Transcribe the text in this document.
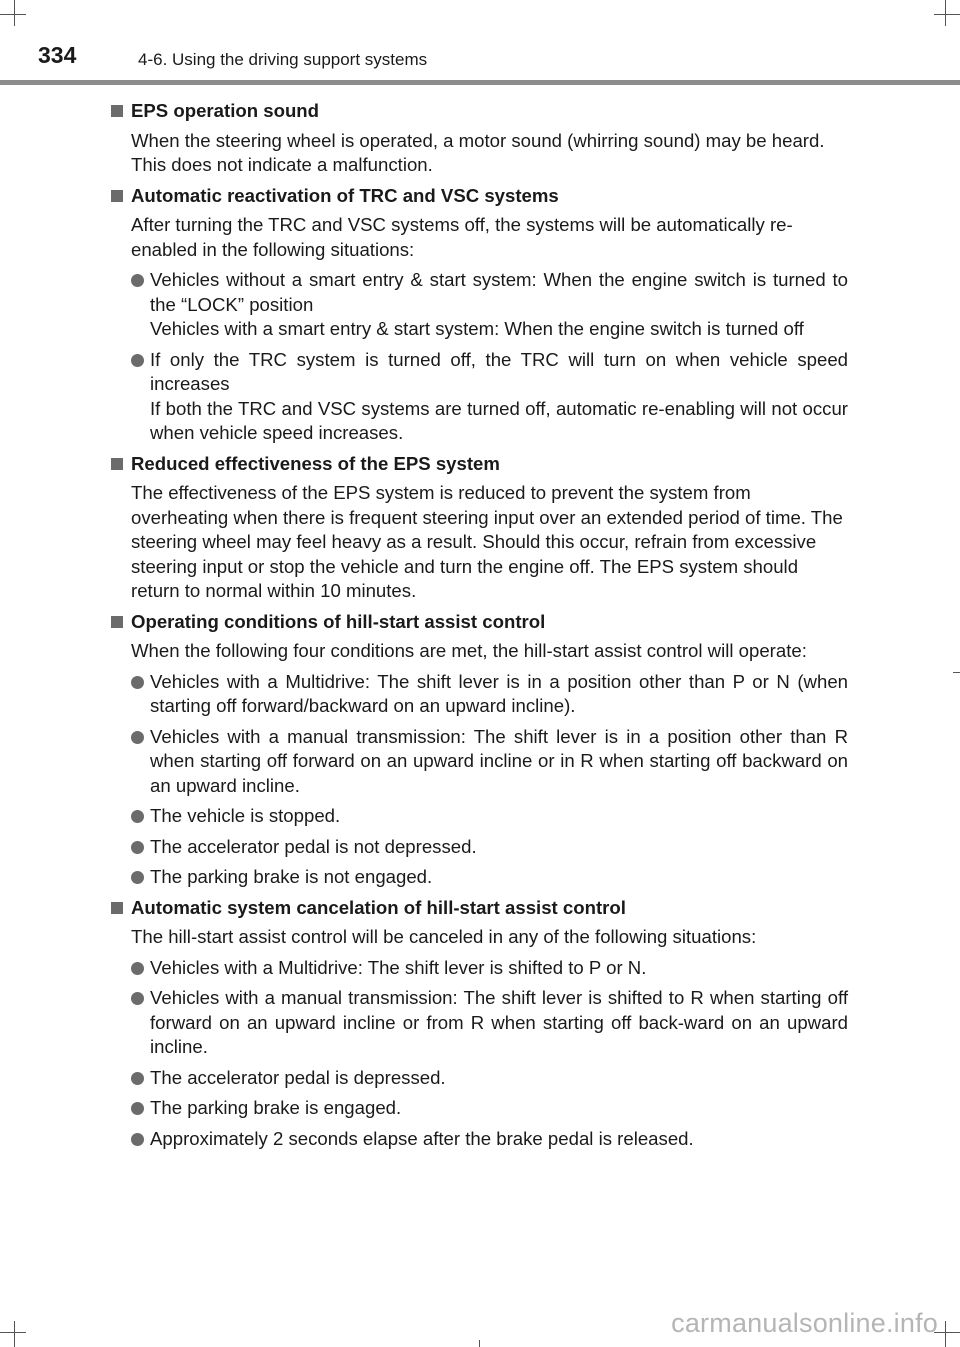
334	4-6. Using the driving support systems
EPS operation sound
When the steering wheel is operated, a motor sound (whirring sound) may be heard. This does not indicate a malfunction.
Automatic reactivation of TRC and VSC systems
After turning the TRC and VSC systems off, the systems will be automatically re-enabled in the following situations:
Vehicles without a smart entry & start system: When the engine switch is turned to the “LOCK” position
Vehicles with a smart entry & start system: When the engine switch is turned off
If only the TRC system is turned off, the TRC will turn on when vehicle speed increases
If both the TRC and VSC systems are turned off, automatic re-enabling will not occur when vehicle speed increases.
Reduced effectiveness of the EPS system
The effectiveness of the EPS system is reduced to prevent the system from overheating when there is frequent steering input over an extended period of time. The steering wheel may feel heavy as a result. Should this occur, refrain from excessive steering input or stop the vehicle and turn the engine off. The EPS system should return to normal within 10 minutes.
Operating conditions of hill-start assist control
When the following four conditions are met, the hill-start assist control will operate:
Vehicles with a Multidrive: The shift lever is in a position other than P or N (when starting off forward/backward on an upward incline).
Vehicles with a manual transmission: The shift lever is in a position other than R when starting off forward on an upward incline or in R when starting off backward on an upward incline.
The vehicle is stopped.
The accelerator pedal is not depressed.
The parking brake is not engaged.
Automatic system cancelation of hill-start assist control
The hill-start assist control will be canceled in any of the following situations:
Vehicles with a Multidrive: The shift lever is shifted to P or N.
Vehicles with a manual transmission: The shift lever is shifted to R when starting off forward on an upward incline or from R when starting off back-ward on an upward incline.
The accelerator pedal is depressed.
The parking brake is engaged.
Approximately 2 seconds elapse after the brake pedal is released.
carmanualsonline.info
